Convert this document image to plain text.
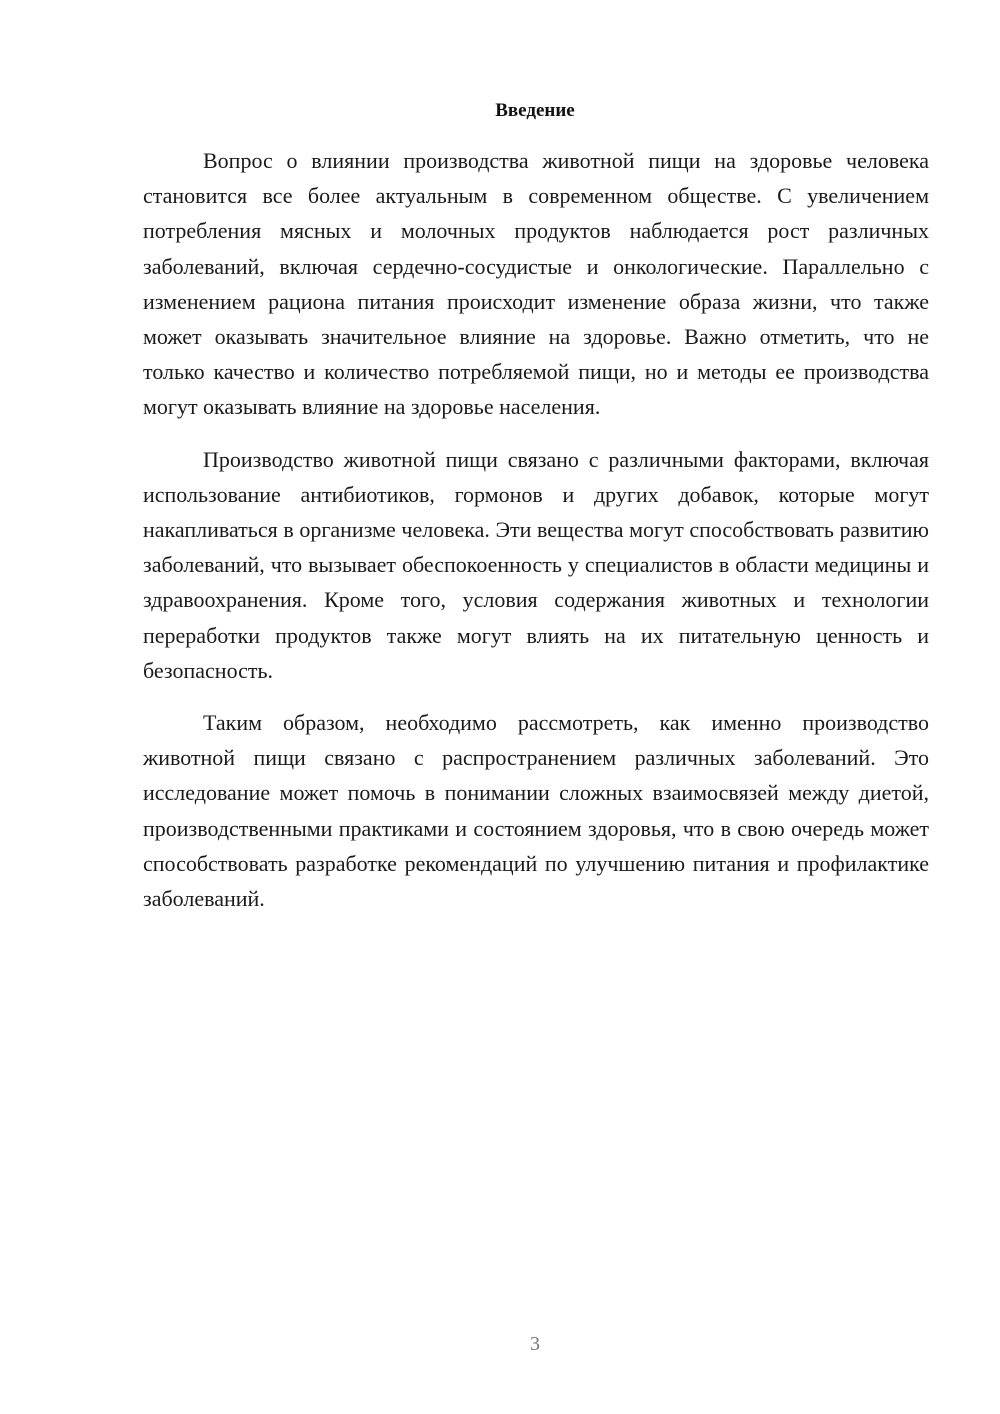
Введение

Вопрос о влиянии производства животной пищи на здоровье человека становится все более актуальным в современном обществе. С увеличением потребления мясных и молочных продуктов наблюдается рост различных заболеваний, включая сердечно-сосудистые и онкологические. Параллельно с изменением рациона питания происходит изменение образа жизни, что также может оказывать значительное влияние на здоровье. Важно отметить, что не только качество и количество потребляемой пищи, но и методы ее производства могут оказывать влияние на здоровье населения.

Производство животной пищи связано с различными факторами, включая использование антибиотиков, гормонов и других добавок, которые могут накапливаться в организме человека. Эти вещества могут способствовать развитию заболеваний, что вызывает обеспокоенность у специалистов в области медицины и здравоохранения. Кроме того, условия содержания животных и технологии переработки продуктов также могут влиять на их питательную ценность и безопасность.

Таким образом, необходимо рассмотреть, как именно производство животной пищи связано с распространением различных заболеваний. Это исследование может помочь в понимании сложных взаимосвязей между диетой, производственными практиками и состоянием здоровья, что в свою очередь может способствовать разработке рекомендаций по улучшению питания и профилактике заболеваний.

3
